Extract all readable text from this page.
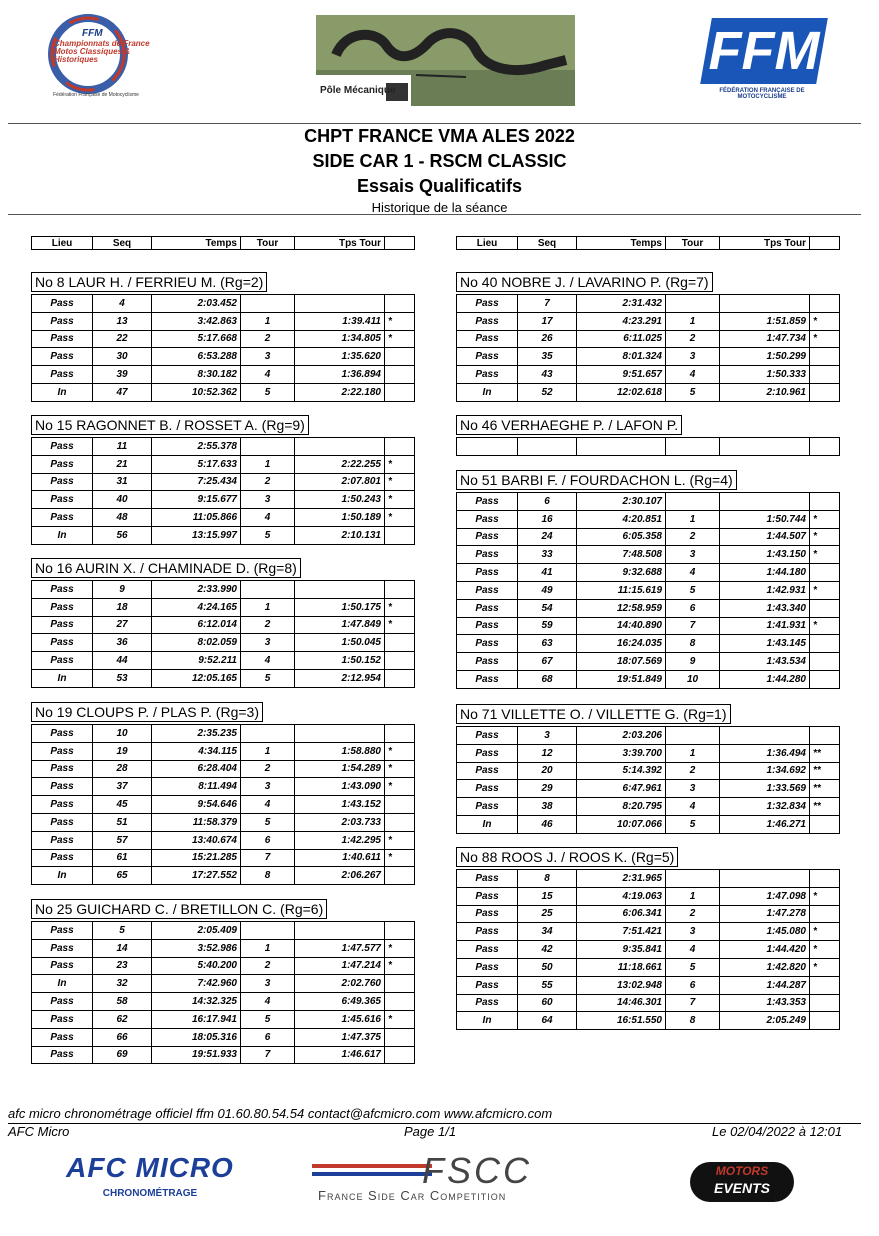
FFM
Championnats de France Motos Classiques & Historiques
Fédération Française de Motocyclisme	Pôle Mécanique
FFM
FÉDÉRATION FRANÇAISE DE MOTOCYCLISME
CHPT FRANCE VMA ALES 2022
SIDE CAR 1 - RSCM CLASSIC
Essais Qualificatifs
Historique de la séance
afc micro chronométrage officiel ffm 01.60.80.54.54 contact@afcmicro.com www.afcmicro.com
AFC Micro	Page 1/1	Le 02/04/2022 à 12:01
AFC MICRO
CHRONOMÉTRAGE
FSCC
France Side Car Competition
MOTORS
EVENTS
Lieu	Seq	Temps	Tour	Tps Tour		Lieu	Seq	Temps	Tour	Tps Tour	
No 8 LAUR H. / FERRIEU M. (Rg=2)
Pass	4	2:03.452			
Pass	13	3:42.863	1	1:39.411	*
Pass	22	5:17.668	2	1:34.805	*
Pass	30	6:53.288	3	1:35.620	
Pass	39	8:30.182	4	1:36.894	
In	47	10:52.362	5	2:22.180	
No 15 RAGONNET B. / ROSSET A. (Rg=9)
Pass	11	2:55.378			
Pass	21	5:17.633	1	2:22.255	*
Pass	31	7:25.434	2	2:07.801	*
Pass	40	9:15.677	3	1:50.243	*
Pass	48	11:05.866	4	1:50.189	*
In	56	13:15.997	5	2:10.131	
No 16 AURIN X. / CHAMINADE D. (Rg=8)
Pass	9	2:33.990			
Pass	18	4:24.165	1	1:50.175	*
Pass	27	6:12.014	2	1:47.849	*
Pass	36	8:02.059	3	1:50.045	
Pass	44	9:52.211	4	1:50.152	
In	53	12:05.165	5	2:12.954	
No 19 CLOUPS P. / PLAS P. (Rg=3)
Pass	10	2:35.235			
Pass	19	4:34.115	1	1:58.880	*
Pass	28	6:28.404	2	1:54.289	*
Pass	37	8:11.494	3	1:43.090	*
Pass	45	9:54.646	4	1:43.152	
Pass	51	11:58.379	5	2:03.733	
Pass	57	13:40.674	6	1:42.295	*
Pass	61	15:21.285	7	1:40.611	*
In	65	17:27.552	8	2:06.267	
No 25 GUICHARD C. / BRETILLON C. (Rg=6)
Pass	5	2:05.409			
Pass	14	3:52.986	1	1:47.577	*
Pass	23	5:40.200	2	1:47.214	*
In	32	7:42.960	3	2:02.760	
Pass	58	14:32.325	4	6:49.365	
Pass	62	16:17.941	5	1:45.616	*
Pass	66	18:05.316	6	1:47.375	
Pass	69	19:51.933	7	1:46.617	
No 40 NOBRE J. / LAVARINO P. (Rg=7)
Pass	7	2:31.432			
Pass	17	4:23.291	1	1:51.859	*
Pass	26	6:11.025	2	1:47.734	*
Pass	35	8:01.324	3	1:50.299	
Pass	43	9:51.657	4	1:50.333	
In	52	12:02.618	5	2:10.961	
No 46 VERHAEGHE P. / LAFON P.

No 51 BARBI F. / FOURDACHON L. (Rg=4)
Pass	6	2:30.107			
Pass	16	4:20.851	1	1:50.744	*
Pass	24	6:05.358	2	1:44.507	*
Pass	33	7:48.508	3	1:43.150	*
Pass	41	9:32.688	4	1:44.180	
Pass	49	11:15.619	5	1:42.931	*
Pass	54	12:58.959	6	1:43.340	
Pass	59	14:40.890	7	1:41.931	*
Pass	63	16:24.035	8	1:43.145	
Pass	67	18:07.569	9	1:43.534	
Pass	68	19:51.849	10	1:44.280	
No 71 VILLETTE O. / VILLETTE G. (Rg=1)
Pass	3	2:03.206			
Pass	12	3:39.700	1	1:36.494	**
Pass	20	5:14.392	2	1:34.692	**
Pass	29	6:47.961	3	1:33.569	**
Pass	38	8:20.795	4	1:32.834	**
In	46	10:07.066	5	1:46.271	
No 88 ROOS J. / ROOS K. (Rg=5)
Pass	8	2:31.965			
Pass	15	4:19.063	1	1:47.098	*
Pass	25	6:06.341	2	1:47.278	
Pass	34	7:51.421	3	1:45.080	*
Pass	42	9:35.841	4	1:44.420	*
Pass	50	11:18.661	5	1:42.820	*
Pass	55	13:02.948	6	1:44.287	
Pass	60	14:46.301	7	1:43.353	
In	64	16:51.550	8	2:05.249	
